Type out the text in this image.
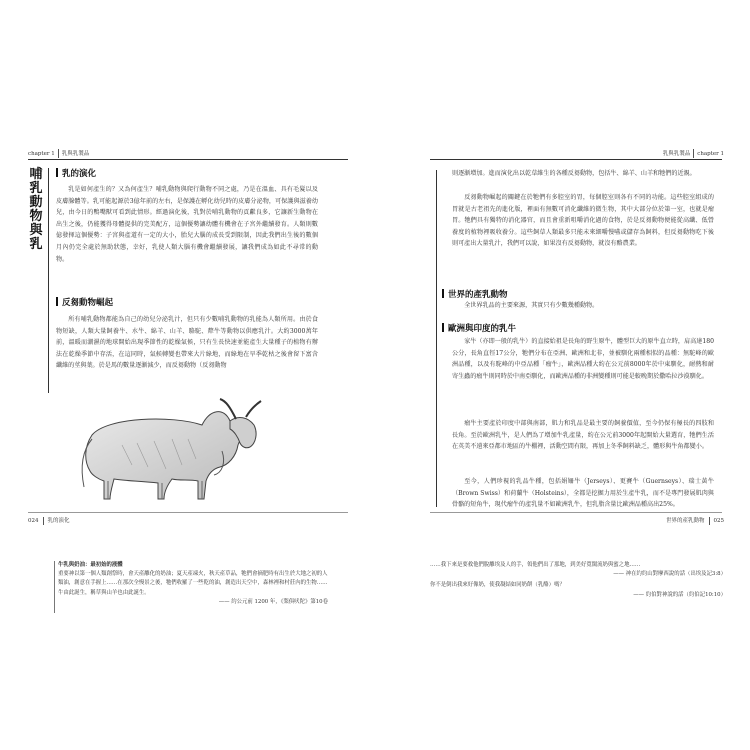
chapter 1 乳與乳製品	乳與乳製品 chapter 1
哺乳動物與乳
乳的演化
乳是如何產生的？又為何產生？哺乳動物與爬行動物不同之處，乃是在溫血、具有毛髮以及皮膚腺體等。乳可能起源於3億年前的左右，是保護在孵化幼兒時的皮膚分泌物，可保護與滋養幼兒，由今日的鴨嘴獸可看到此情形。經過演化後，乳對於哺乳動物的貢獻良多，它讓新生動物在出生之後，仍能獲得母體提供的完美配方，這個優勢讓幼體有機會在子宮外繼續發育。人類則數億發揮這個優勢：子宮與產道有一定的大小，胎兒大腦的成長受到限制，因此我們出生後的數個月內仍完全處於無助狀態，幸好，乳使人類大腦有機會繼續發展，讓我們成為如此不尋常的動物。
反芻動物崛起
所有哺乳動物都能為自己的幼兒分泌乳汁，但只有少數哺乳動物的乳能為人類所用。由於食物短缺，人類大量飼養牛、水牛、綿羊、山羊、駱駝、犛牛等動物以供應乳汁。大約3000萬年前，溫暖而潮濕的地球開始出現季節性的乾燥氣候，只有生長快速並能產生大量種子的植物有辦法在乾燥季節中存活，在這同時，氣候轉變也帶來大片綠地，而綠地在旱季乾枯之後會留下富含纖維的莖與葉。於是馬的數量逐漸減少，而反芻動物（反芻動物
024 乳的演化
則逐漸增加。進而演化出以乾草維生的各種反芻動物，包括牛、綿羊、山羊和牠們的近親。
反芻動物崛起的關鍵在於牠們有多腔室的胃，每個腔室則各有不同的功能。這些腔室組成的胃就是古老祖先的進化版，裡面有無數可消化纖維的微生物，其中大部分位於第一室，也就是瘤胃。牠們具有獨特的消化器官，而且會重新咀嚼消化過的食物，於是反芻動物便能從高纖、低營養度的植物裡吸收養分。這些飼草人類最多只能未來細嚼慢嚥或儲存為飼料，但反芻動物吃下後則可產出大量乳汁，我們可以說，如果沒有反芻動物，就沒有酪農業。
世界的產乳動物
全世界乳品的主要來源，其實只有少數幾種動物。
歐洲與印度的乳牛
家牛（亦即一般的乳牛）的直接始祖是長角的野生原牛，體型巨大的原牛直立時，肩高達180公分，長角直徑17公分，牠們分布在亞洲、歐洲和北非，並被馴化兩種相似的品種：無駝峰的歐洲品種，以及有駝峰的中亞品種「瘤牛」，歐洲品種大約在公元前8000年於中東馴化，耐熱和耐寄生蟲的瘤牛則同時於中南亞馴化，而歐洲品種的非洲變種則可能是較晚期於撒哈拉沙漠馴化。
瘤牛主要產於印度中部與南部，肌力和乳品是最主要的飼養價值，至今仍保有極長的四肢和長角。至於歐洲乳牛，是人們為了增加牛乳產量，約在公元前3000年起開始大量選育，牠們生活在英美不遠來亞都市地區的牛棚裡，活動空間有限，再加上冬季飼料缺乏，體形與牛角都變小。
至今，人們珍視的乳品牛種，包括娟姍牛（Jerseys）、更賽牛（Guernseys）、瑞士黃牛（Brown Swiss）和荷蘭牛（Holsteins），全都是挖掘力用於生產牛乳，而不是專門發展肌肉與骨骼的短角牛，現代瘤牛的產乳量不如歐洲乳牛，但乳脂含量比歐洲品種高出25%。
世界的產乳動物 025
牛乳與奶油：最初始的液體
重要神以第一個人類創祭時，會天產離化的奶油；夏天產凍火，秋天產草品，牠們會摘肥時有出生於大地之初的人類油，創意在手握上……在那次全慢景之後，牠們收羅了一些乾的油，創造出天空中，森林裡和村莊內的生物……牛由此誕生，稱草與山羊也由此誕生。
—— 約公元前 1200 年，《梨俱吠陀》第10卷
……我下來是要救他們脫離埃及人的手，領他們出了那地，到美好寬闊流奶與蜜之地……
—— 神在約約山對摩西說的話（出埃及記3:8）
你不是倒出我來好像奶，使我凝結如同奶餅（乳酪）嗎？
—— 約伯對神說的話（約伯記10:10）
